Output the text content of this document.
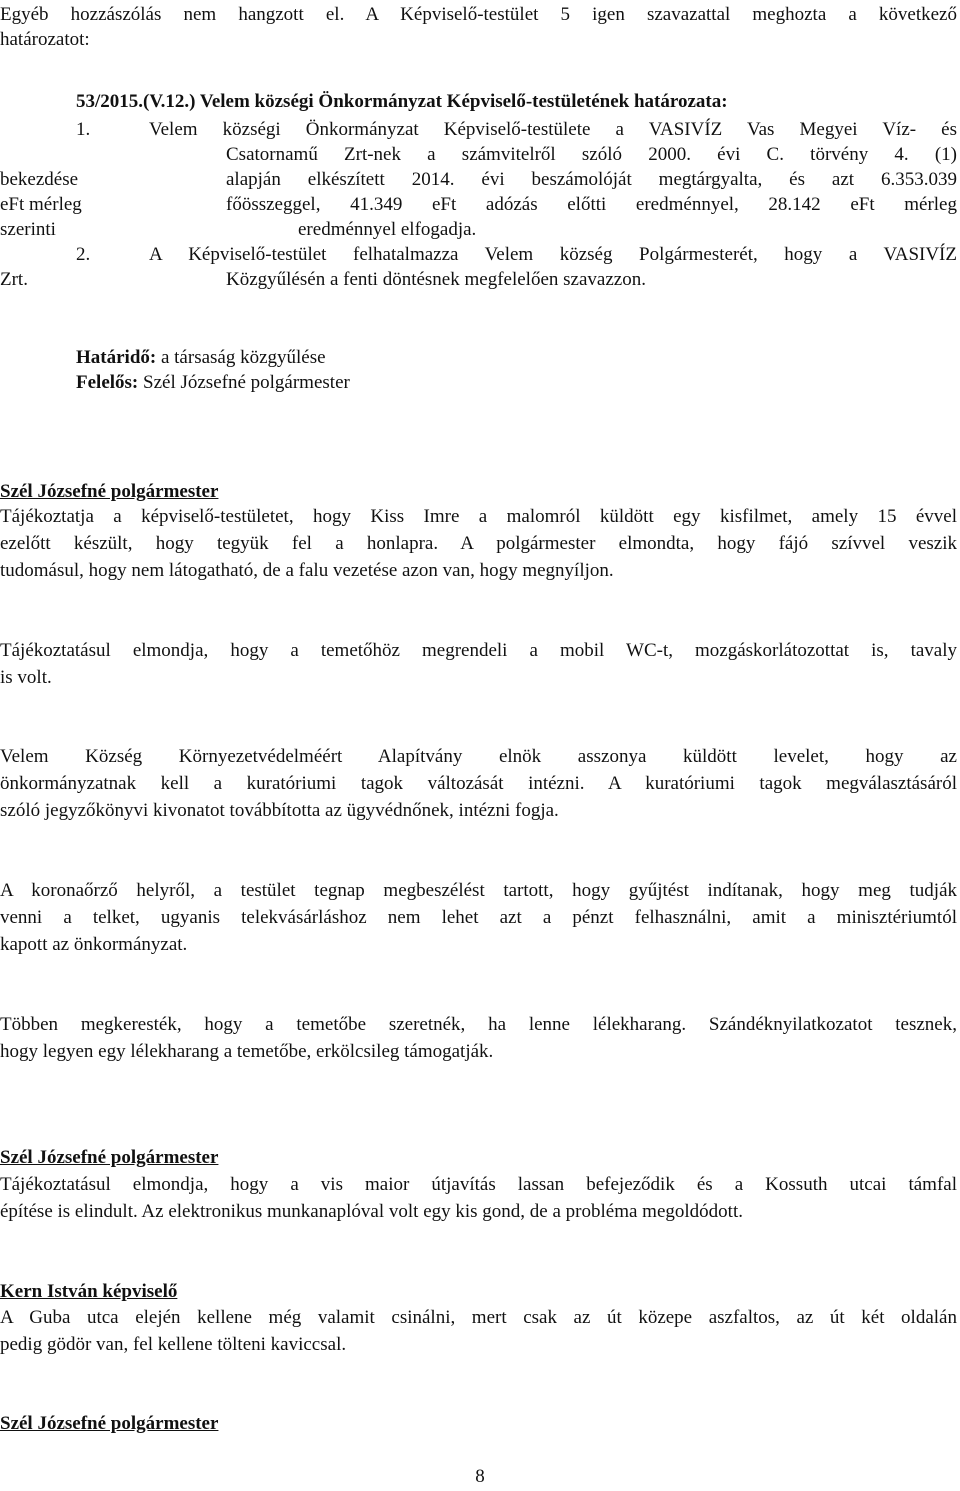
Egyéb hozzászólás nem hangzott el. A Képviselő-testület 5 igen szavazattal meghozta a következő
határozatot:
53/2015.(V.12.) Velem községi Önkormányzat Képviselő-testületének határozata:
1.	Velem községi Önkormányzat Képviselő-testülete a VASIVÍZ Vas Megyei Víz- és
Csatornamű Zrt-nek a számvitelről szóló 2000. évi C. törvény 4. (1)
bekezdése	alapján elkészített 2014. évi beszámolóját megtárgyalta, és azt 6.353.039
eFt mérleg	főösszeggel, 41.349 eFt adózás előtti eredménnyel, 28.142 eFt mérleg
szerinti	eredménnyel elfogadja.
2.	A Képviselő-testület felhatalmazza Velem község Polgármesterét, hogy a VASIVÍZ
Zrt.	Közgyűlésén a fenti döntésnek megfelelően szavazzon.
Határidő: a társaság közgyűlése
Felelős: Szél Józsefné polgármester
Szél Józsefné polgármester
Tájékoztatja a képviselő-testületet, hogy Kiss Imre a malomról küldött egy kisfilmet, amely 15 évvel
ezelőtt készült, hogy tegyük fel a honlapra. A polgármester elmondta, hogy fájó szívvel veszik
tudomásul, hogy nem látogatható, de a falu vezetése azon van, hogy megnyíljon.
Tájékoztatásul elmondja, hogy a temetőhöz megrendeli a mobil WC-t, mozgáskorlátozottat is, tavaly
is volt.
Velem Község Környezetvédelméért Alapítvány elnök asszonya küldött levelet, hogy az
önkormányzatnak kell a kuratóriumi tagok változását intézni. A kuratóriumi tagok megválasztásáról
szóló jegyzőkönyvi kivonatot továbbította az ügyvédnőnek, intézni fogja.
A koronaőrző helyről, a testület tegnap megbeszélést tartott, hogy gyűjtést indítanak, hogy meg tudják
venni a telket, ugyanis telekvásárláshoz nem lehet azt a pénzt felhasználni, amit a minisztériumtól
kapott az önkormányzat.
Többen megkeresték, hogy a temetőbe szeretnék, ha lenne lélekharang. Szándéknyilatkozatot tesznek,
hogy legyen egy lélekharang a temetőbe, erkölcsileg támogatják.
Szél Józsefné polgármester
Tájékoztatásul elmondja, hogy a vis maior útjavítás lassan befejeződik és a Kossuth utcai támfal
építése is elindult. Az elektronikus munkanaplóval volt egy kis gond, de a probléma megoldódott.
Kern István képviselő
A Guba utca elején kellene még valamit csinálni, mert csak az út közepe aszfaltos, az út két oldalán
pedig gödör van, fel kellene tölteni kaviccsal.
Szél Józsefné polgármester
8
